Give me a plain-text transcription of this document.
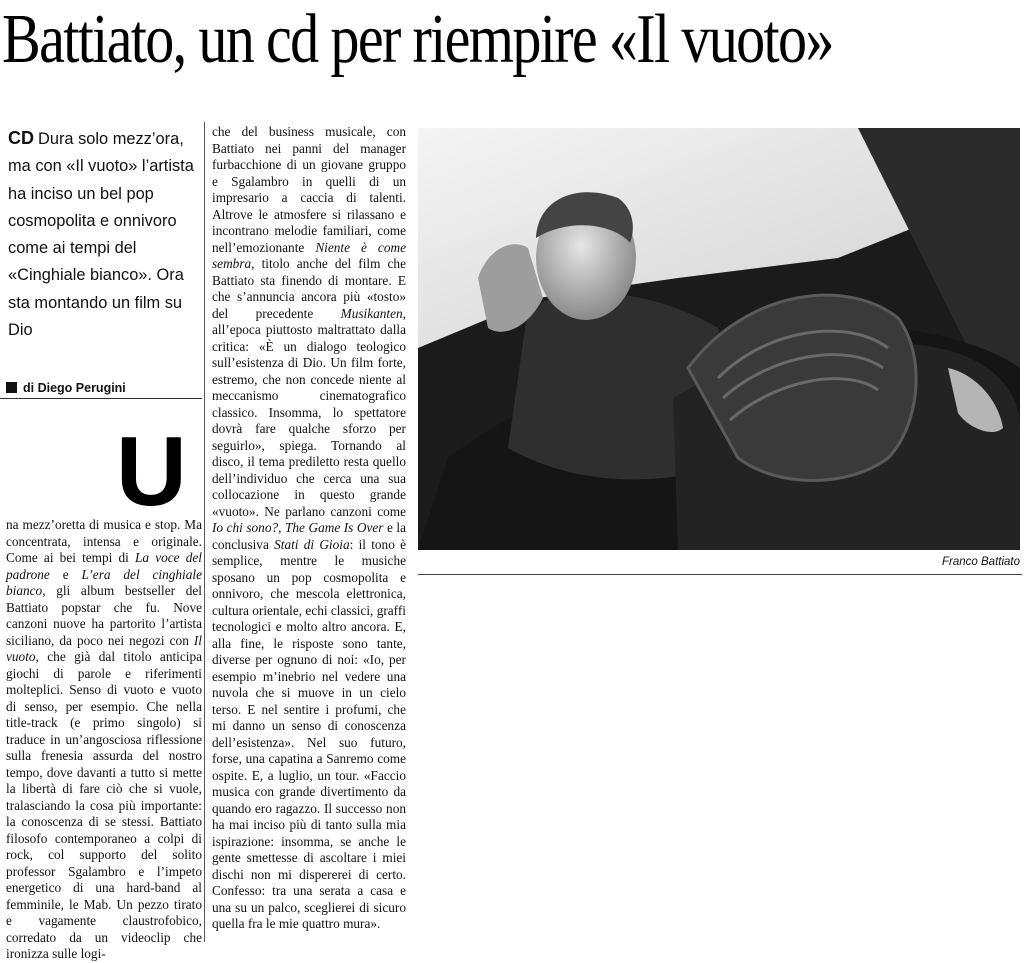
Battiato, un cd per riempire «Il vuoto»
CD Dura solo mezz’ora, ma con «Il vuoto» l’artista ha inciso un bel pop cosmopolita e onnivoro come ai tempi del «Cinghiale bianco». Ora sta montando un film su Dio
di Diego Perugini
U
na mezz’oretta di musica e stop. Ma concentrata, intensa e originale. Come ai bei tempi di La voce del padrone e L’era del cinghiale bianco, gli album bestseller del Battiato popstar che fu. Nove canzoni nuove ha partorito l’artista siciliano, da poco nei negozi con Il vuoto, che già dal titolo anticipa giochi di parole e riferimenti molteplici. Senso di vuoto e vuoto di senso, per esempio. Che nella title-track (e primo singolo) si traduce in un’angosciosa riflessione sulla frenesia assurda del nostro tempo, dove davanti a tutto si mette la libertà di fare ciò che si vuole, tralasciando la cosa più importante: la conoscenza di se stessi. Battiato filosofo contemporaneo a colpi di rock, col supporto del solito professor Sgalambro e l’impeto energetico di una hard-band al femminile, le Mab. Un pezzo tirato e vagamente claustrofobico, corredato da un videoclip che ironizza sulle logi-
che del business musicale, con Battiato nei panni del manager furbacchione di un giovane gruppo e Sgalambro in quelli di un impresario a caccia di talenti. Altrove le atmosfere si rilassano e incontrano melodie familiari, come nell’emozionante Niente è come sembra, titolo anche del film che Battiato sta finendo di montare. E che s’annuncia ancora più «tosto» del precedente Musikanten, all’epoca piuttosto maltrattato dalla critica: «È un dialogo teologico sull’esistenza di Dio. Un film forte, estremo, che non concede niente al meccanismo cinematografico classico. Insomma, lo spettatore dovrà fare qualche sforzo per seguirlo», spiega. Tornando al disco, il tema prediletto resta quello dell’individuo che cerca una sua collocazione in questo grande «vuoto». Ne parlano canzoni come Io chi sono?, The Game Is Over e la conclusiva Stati di Gioia: il tono è semplice, mentre le musiche sposano un pop cosmopolita e onnivoro, che mescola elettronica, cultura orientale, echi classici, graffi tecnologici e molto altro ancora. E, alla fine, le risposte sono tante, diverse per ognuno di noi: «Io, per esempio m’inebrio nel vedere una nuvola che si muove in un cielo terso. E nel sentire i profumi, che mi danno un senso di conoscenza dell’esistenza». Nel suo futuro, forse, una capatina a Sanremo come ospite. E, a luglio, un tour. «Faccio musica con grande divertimento da quando ero ragazzo. Il successo non ha mai inciso più di tanto sulla mia ispirazione: insomma, se anche le gente smettesse di ascoltare i miei dischi non mi dispererei di certo. Confesso: tra una serata a casa e una su un palco, sceglierei di sicuro quella fra le mie quattro mura».
Franco Battiato
